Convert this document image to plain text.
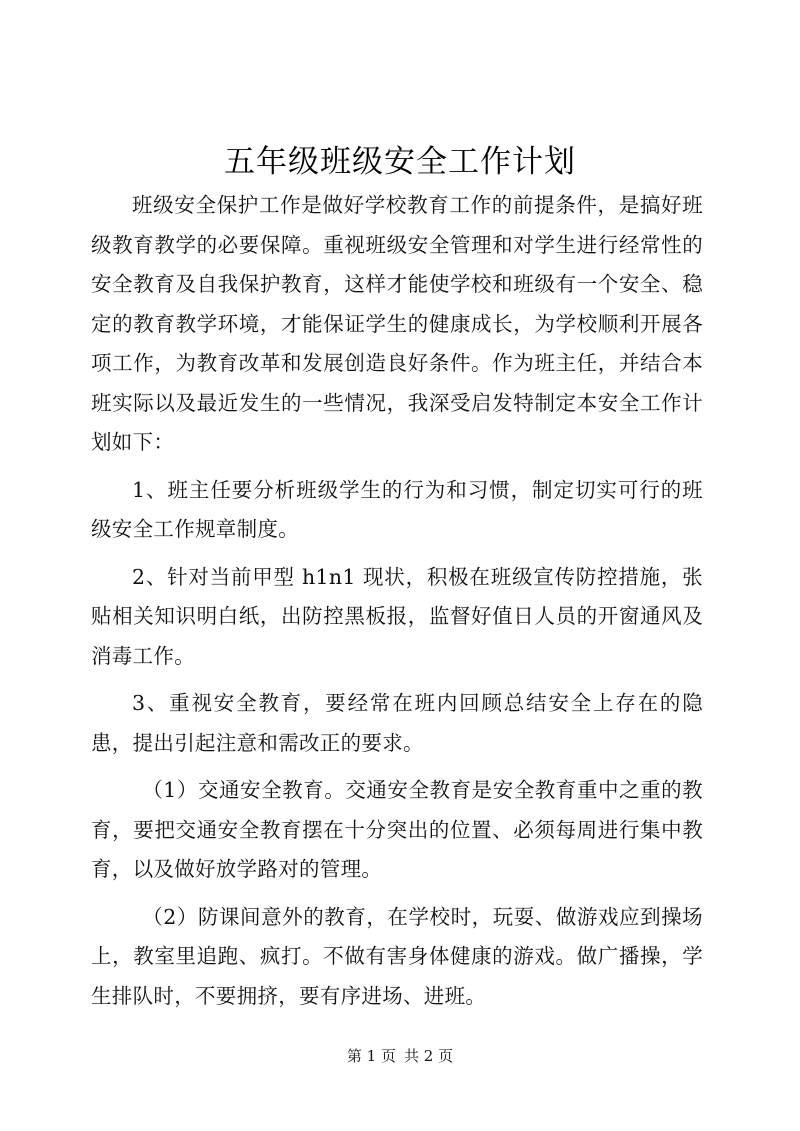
五年级班级安全工作计划

班级安全保护工作是做好学校教育工作的前提条件，是搞好班级教育教学的必要保障。重视班级安全管理和对学生进行经常性的安全教育及自我保护教育，这样才能使学校和班级有一个安全、稳定的教育教学环境，才能保证学生的健康成长，为学校顺利开展各项工作，为教育改革和发展创造良好条件。作为班主任，并结合本班实际以及最近发生的一些情况，我深受启发特制定本安全工作计划如下：

1、班主任要分析班级学生的行为和习惯，制定切实可行的班级安全工作规章制度。

2、针对当前甲型 h1n1 现状，积极在班级宣传防控措施，张贴相关知识明白纸，出防控黑板报，监督好值日人员的开窗通风及消毒工作。

3、重视安全教育，要经常在班内回顾总结安全上存在的隐患，提出引起注意和需改正的要求。

（1）交通安全教育。交通安全教育是安全教育重中之重的教育，要把交通安全教育摆在十分突出的位置、必须每周进行集中教育，以及做好放学路对的管理。

（2）防课间意外的教育，在学校时，玩耍、做游戏应到操场上，教室里追跑、疯打。不做有害身体健康的游戏。做广播操，学生排队时，不要拥挤，要有序进场、进班。

第 1 页 共 2 页
